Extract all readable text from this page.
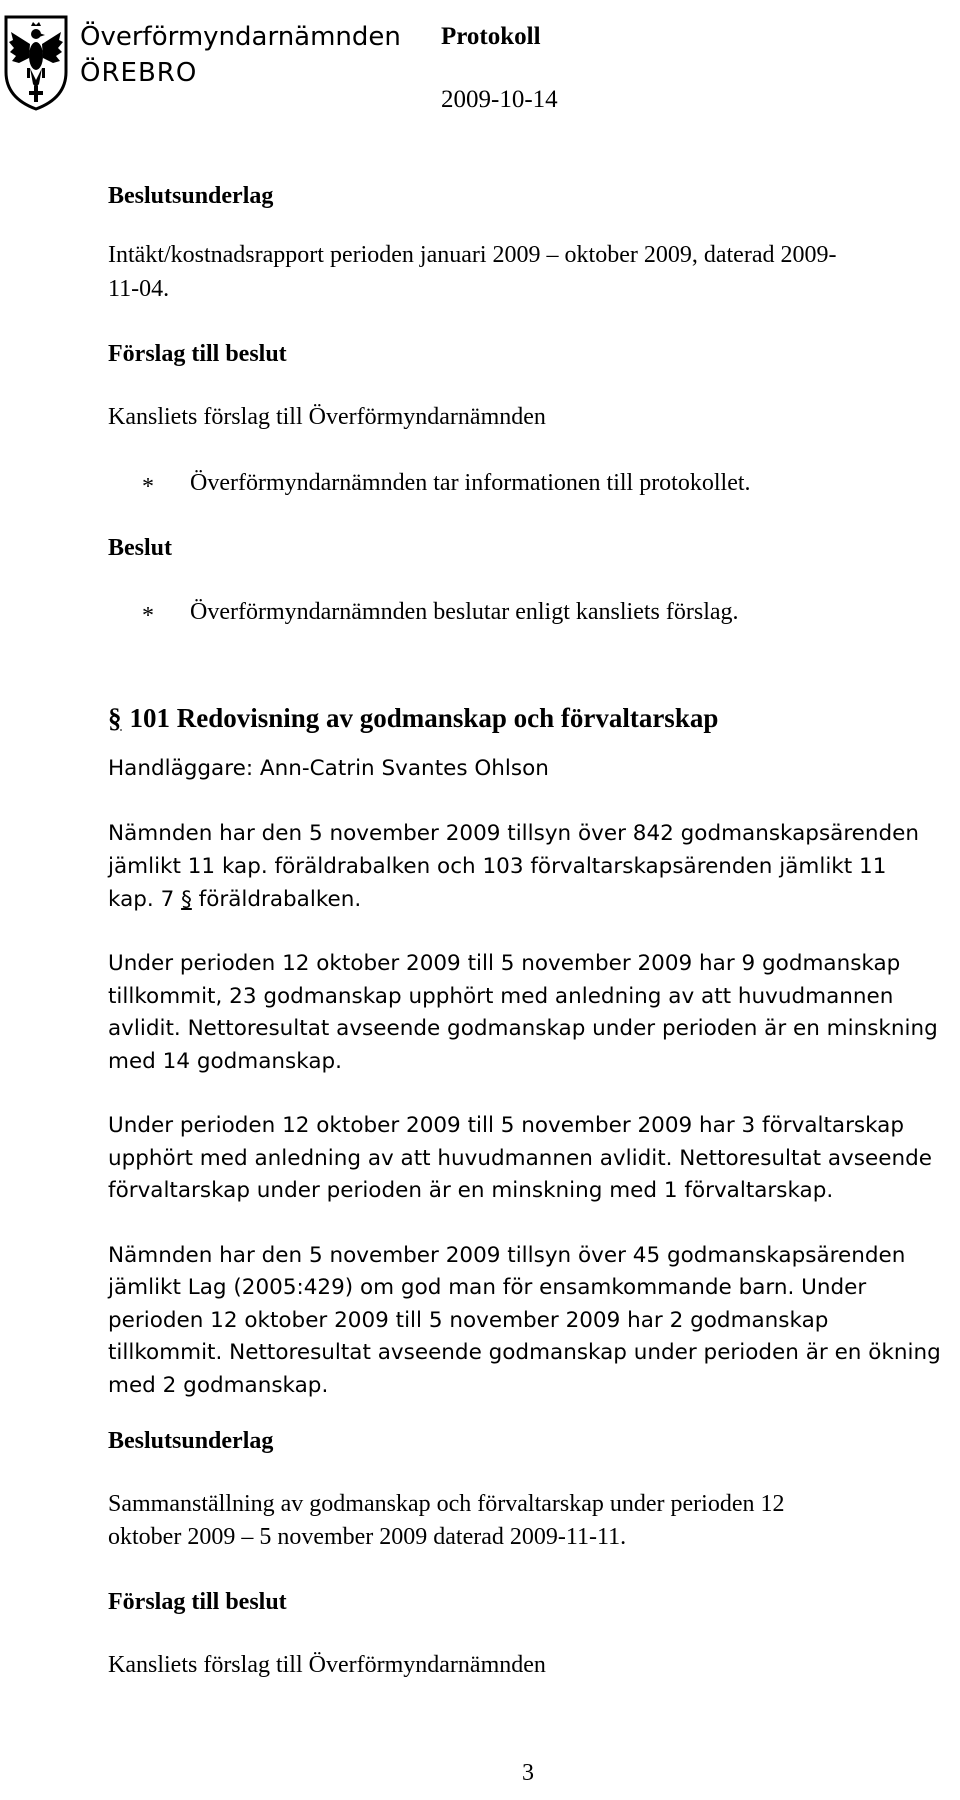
Överförmyndarnämnden
ÖREBRO
Protokoll
2009-10-14
Beslutsunderlag
Intäkt/kostnadsrapport perioden januari 2009 – oktober 2009, daterad 2009-
11-04.
Förslag till beslut
Kansliets förslag till Överförmyndarnämnden
* Överförmyndarnämnden tar informationen till protokollet.
Beslut
* Överförmyndarnämnden beslutar enligt kansliets förslag.
§ 101 Redovisning av godmanskap och förvaltarskap
Handläggare: Ann-Catrin Svantes Ohlson
Nämnden har den 5 november 2009 tillsyn över 842 godmanskapsärenden
jämlikt 11 kap. föräldrabalken och 103 förvaltarskapsärenden jämlikt 11
kap. 7 § föräldrabalken.
Under perioden 12 oktober 2009 till 5 november 2009 har 9 godmanskap
tillkommit, 23 godmanskap upphört med anledning av att huvudmannen
avlidit. Nettoresultat avseende godmanskap under perioden är en minskning
med 14 godmanskap.
Under perioden 12 oktober 2009 till 5 november 2009 har 3 förvaltarskap
upphört med anledning av att huvudmannen avlidit. Nettoresultat avseende
förvaltarskap under perioden är en minskning med 1 förvaltarskap.
Nämnden har den 5 november 2009 tillsyn över 45 godmanskapsärenden
jämlikt Lag (2005:429) om god man för ensamkommande barn. Under
perioden 12 oktober 2009 till 5 november 2009 har 2 godmanskap
tillkommit. Nettoresultat avseende godmanskap under perioden är en ökning
med 2 godmanskap.
Beslutsunderlag
Sammanställning av godmanskap och förvaltarskap under perioden 12
oktober 2009 – 5 november 2009 daterad 2009-11-11.
Förslag till beslut
Kansliets förslag till Överförmyndarnämnden
3
